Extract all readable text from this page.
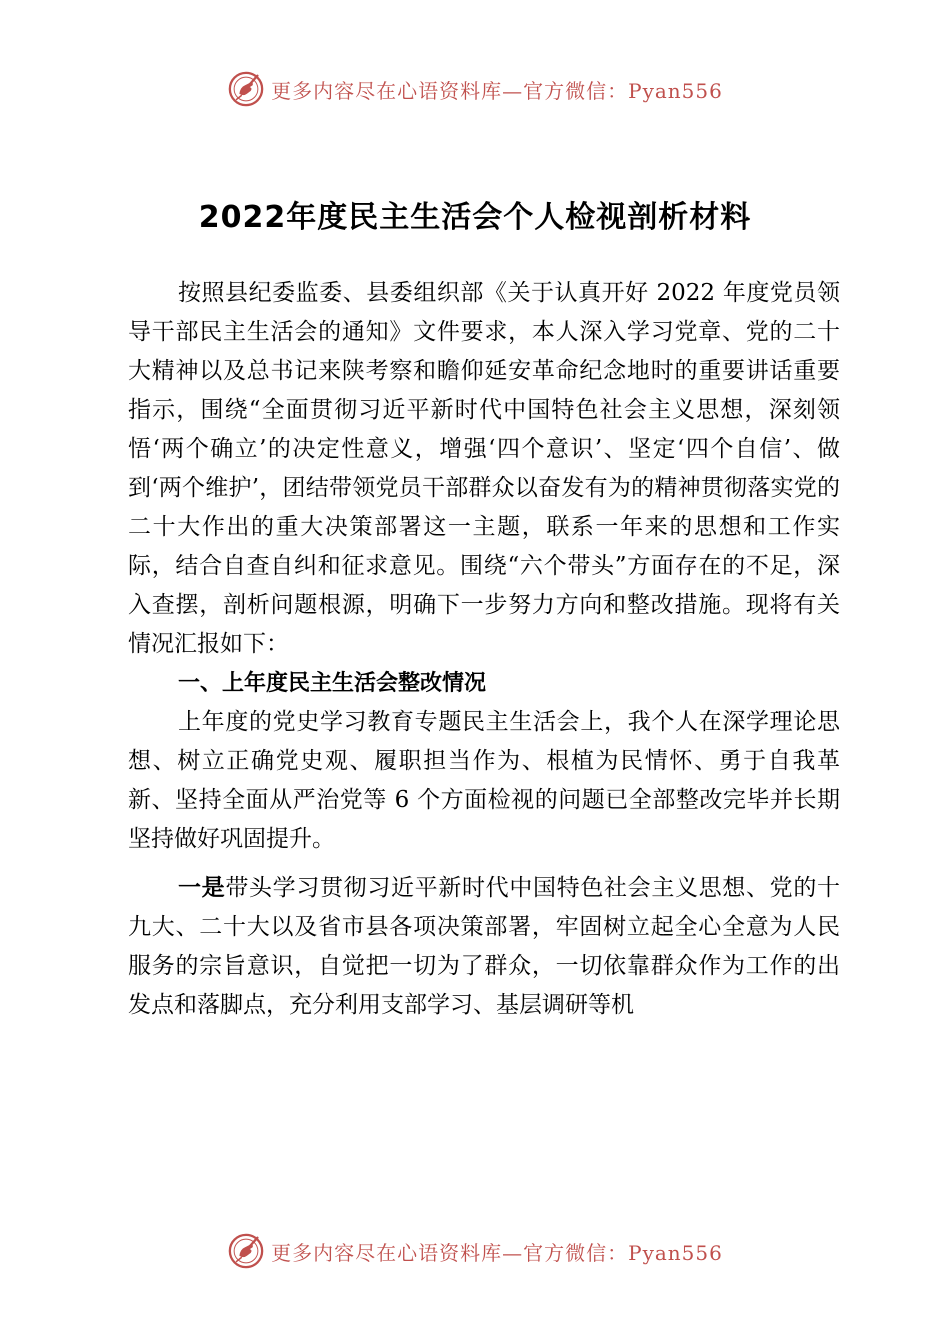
更多内容尽在心语资料库—官方微信：Pyan556
2022年度民主生活会个人检视剖析材料

按照县纪委监委、县委组织部《关于认真开好 2022 年度党员领导干部民主生活会的通知》文件要求，本人深入学习党章、党的二十大精神以及总书记来陕考察和瞻仰延安革命纪念地时的重要讲话重要指示，围绕“全面贯彻习近平新时代中国特色社会主义思想，深刻领悟‘两个确立’的决定性意义，增强‘四个意识’、坚定‘四个自信’、做到‘两个维护’，团结带领党员干部群众以奋发有为的精神贯彻落实党的二十大作出的重大决策部署这一主题，联系一年来的思想和工作实际，结合自查自纠和征求意见。围绕“六个带头”方面存在的不足，深入查摆，剖析问题根源，明确下一步努力方向和整改措施。现将有关情况汇报如下：

一、上年度民主生活会整改情况

上年度的党史学习教育专题民主生活会上，我个人在深学理论思想、树立正确党史观、履职担当作为、根植为民情怀、勇于自我革新、坚持全面从严治党等 6 个方面检视的问题已全部整改完毕并长期坚持做好巩固提升。

一是带头学习贯彻习近平新时代中国特色社会主义思想、党的十九大、二十大以及省市县各项决策部署，牢固树立起全心全意为人民服务的宗旨意识，自觉把一切为了群众，一切依靠群众作为工作的出发点和落脚点，充分利用支部学习、基层调研等机

更多内容尽在心语资料库—官方微信：Pyan556
